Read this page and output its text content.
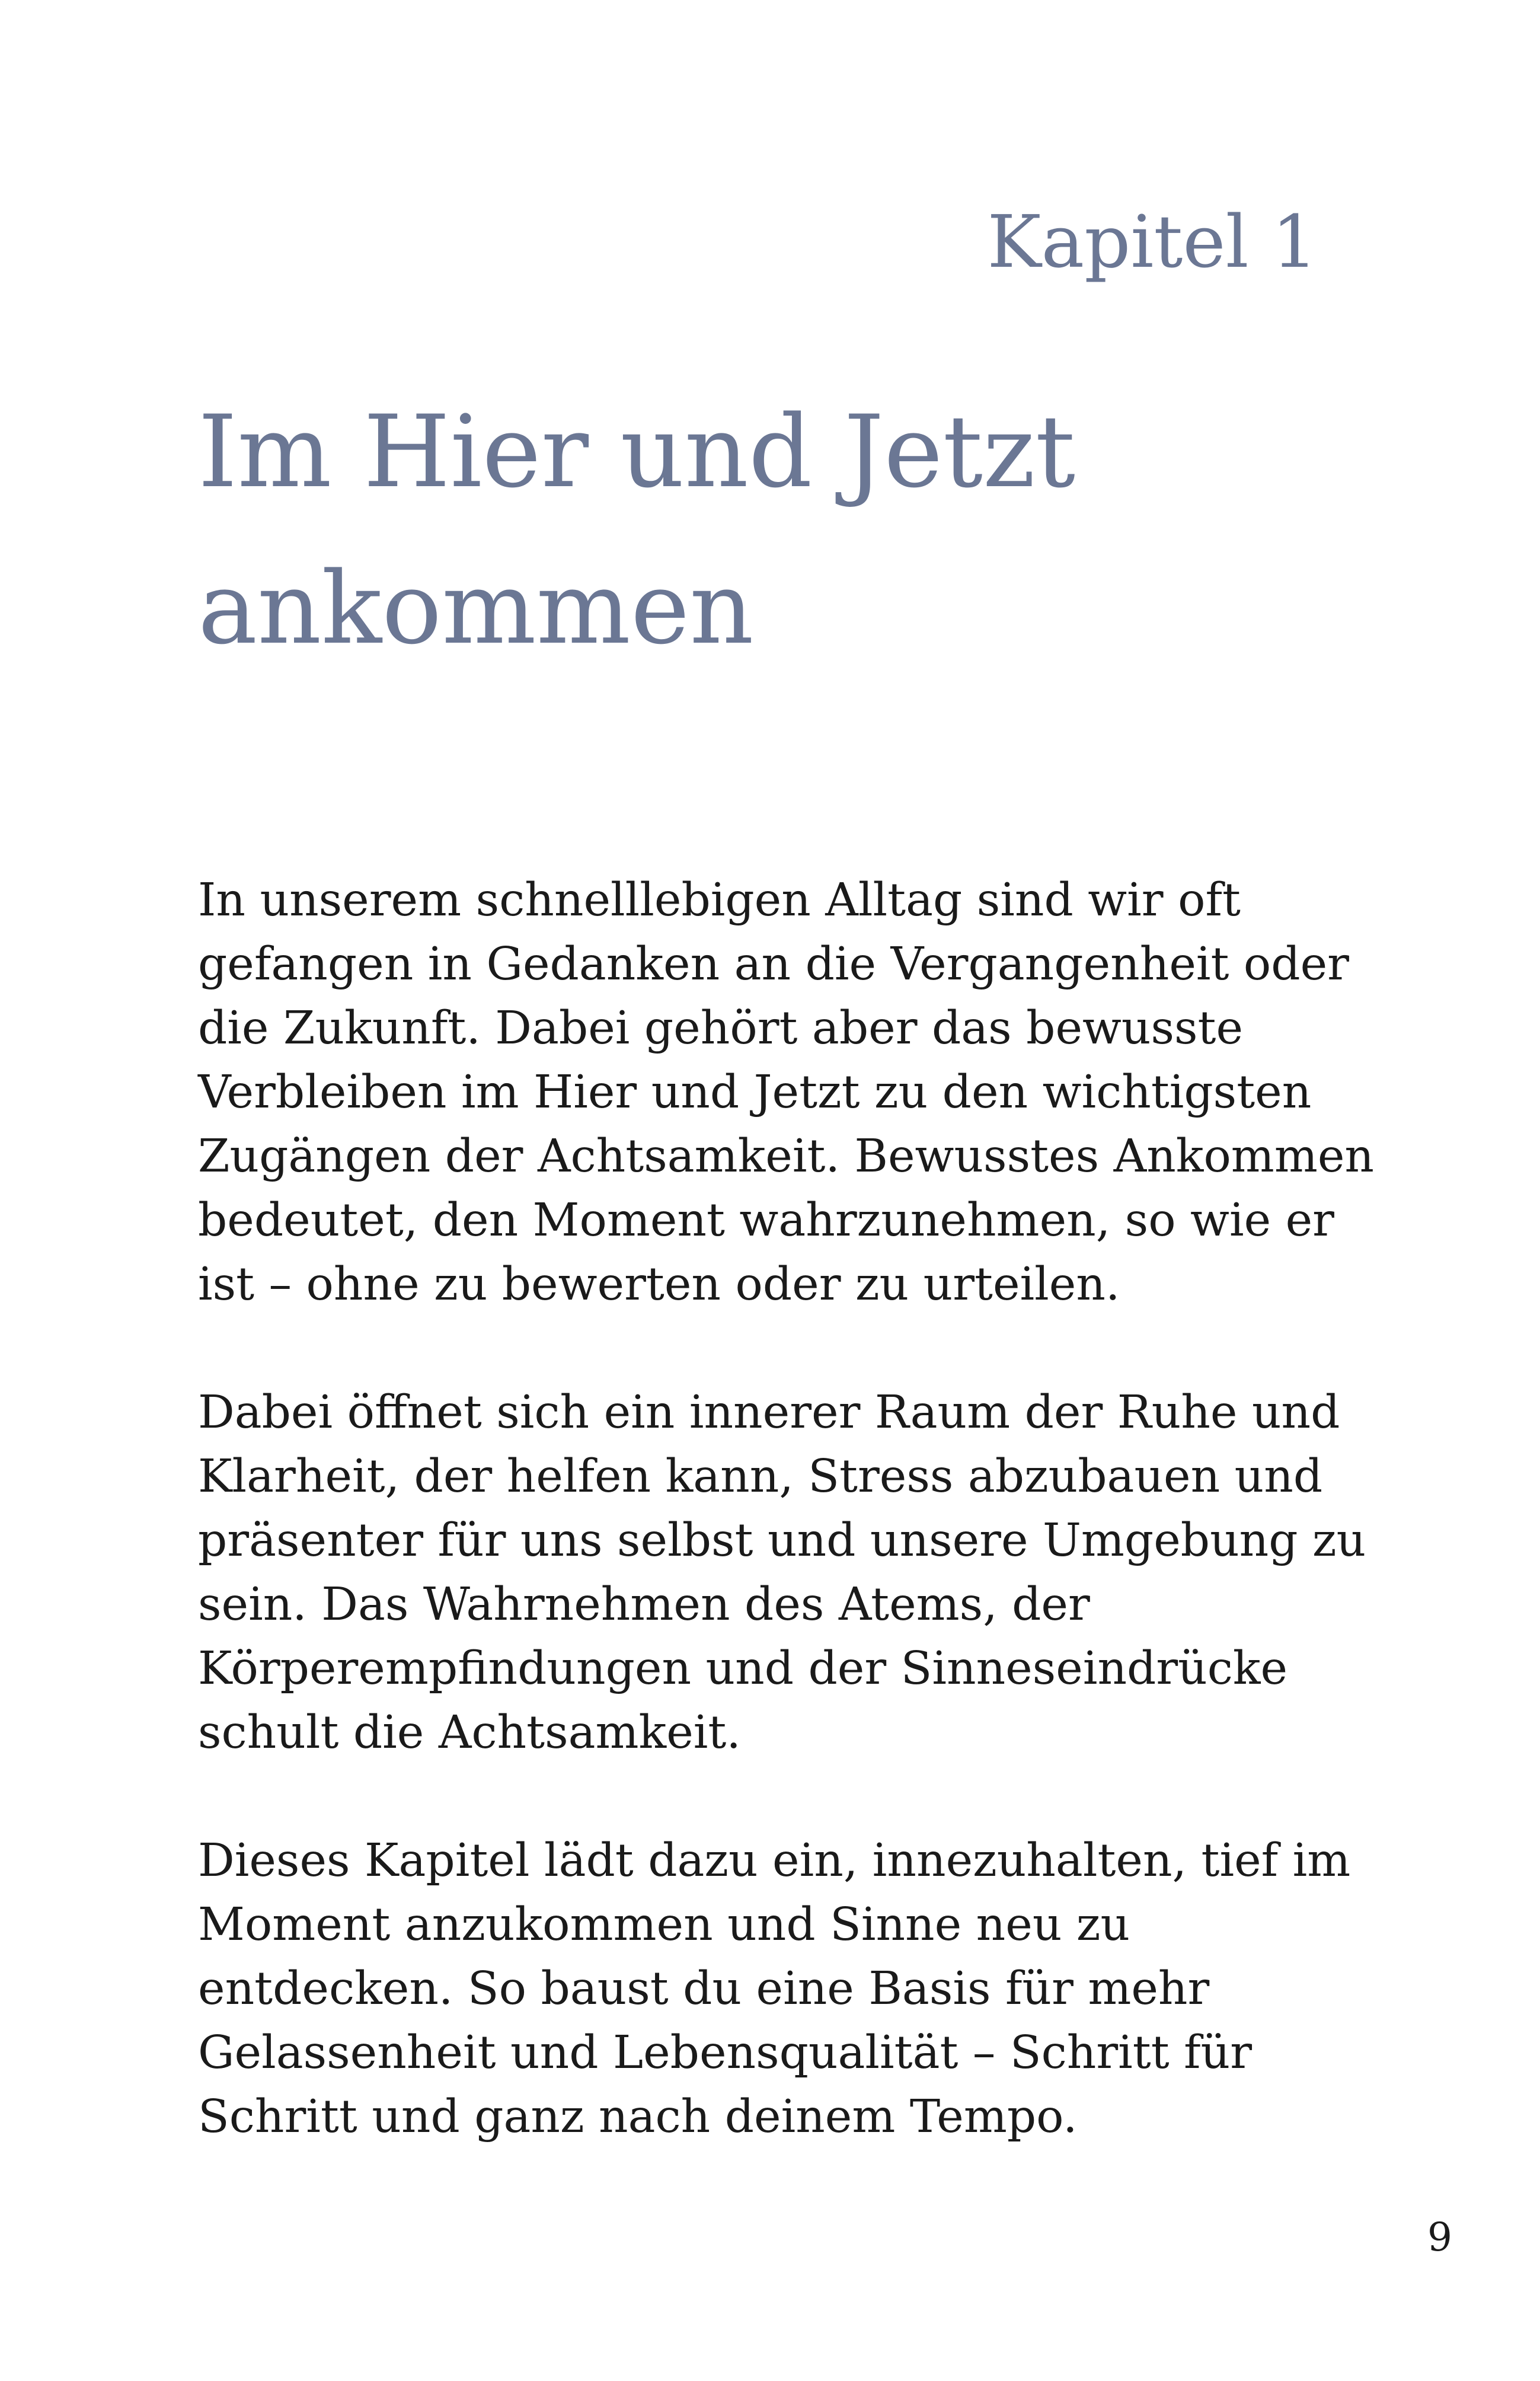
Kapitel 1
Im Hier und Jetzt
ankommen

In unserem schnelllebigen Alltag sind wir oft
gefangen in Gedanken an die Vergangenheit oder
die Zukunft. Dabei gehört aber das bewusste
Verbleiben im Hier und Jetzt zu den wichtigsten
Zugängen der Achtsamkeit. Bewusstes Ankommen
bedeutet, den Moment wahrzunehmen, so wie er
ist – ohne zu bewerten oder zu urteilen.

Dabei öffnet sich ein innerer Raum der Ruhe und
Klarheit, der helfen kann, Stress abzubauen und
präsenter für uns selbst und unsere Umgebung zu
sein. Das Wahrnehmen des Atems, der
Körperempfindungen und der Sinneseindrücke
schult die Achtsamkeit.

Dieses Kapitel lädt dazu ein, innezuhalten, tief im
Moment anzukommen und Sinne neu zu
entdecken. So baust du eine Basis für mehr
Gelassenheit und Lebensqualität – Schritt für
Schritt und ganz nach deinem Tempo.

9
